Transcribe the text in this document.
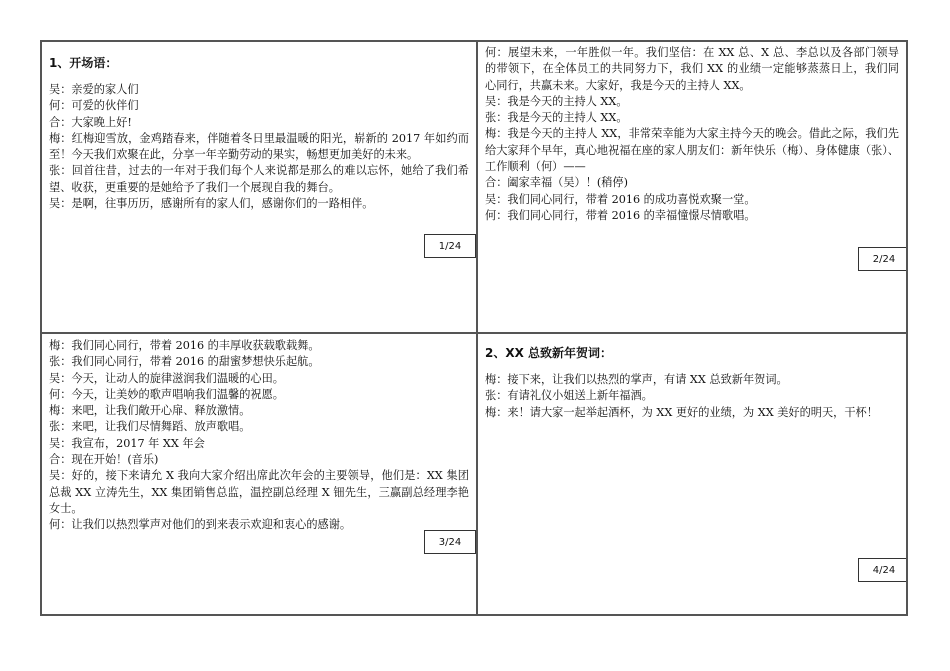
1、开场语：

吴：亲爱的家人们

何：可爱的伙伴们

合：大家晚上好!

梅：红梅迎雪放，金鸡踏春来，伴随着冬日里最温暖的阳光，崭新的 2017 年如约而至！今天我们欢聚在此，分享一年辛勤劳动的果实，畅想更加美好的未来。

张：回首往昔，过去的一年对于我们每个人来说都是那么的难以忘怀，她给了我们希望、收获，更重要的是她给予了我们一个展现自我的舞台。

吴：是啊，往事历历，感谢所有的家人们，感谢你们的一路相伴。

1/24

何：展望未来，一年胜似一年。我们坚信：在 XX 总、X 总、李总以及各部门领导的带领下，在全体员工的共同努力下，我们 XX 的业绩一定能够蒸蒸日上，我们同心同行，共赢未来。大家好，我是今天的主持人 XX。

吴：我是今天的主持人 XX。

张：我是今天的主持人 XX。

梅：我是今天的主持人 XX，非常荣幸能为大家主持今天的晚会。借此之际，我们先给大家拜个早年，真心地祝福在座的家人朋友们：新年快乐（梅）、身体健康（张）、工作顺利（何）——

合：阖家幸福（吴）！(稍停)

吴：我们同心同行，带着 2016 的成功喜悦欢聚一堂。

何：我们同心同行，带着 2016 的幸福憧憬尽情歌唱。

2/24

梅：我们同心同行，带着 2016 的丰厚收获载歌载舞。

张：我们同心同行，带着 2016 的甜蜜梦想快乐起航。

吴：今天，让动人的旋律滋润我们温暖的心田。

何：今天，让美妙的歌声唱响我们温馨的祝愿。

梅：来吧，让我们敞开心扉、释放激情。

张：来吧，让我们尽情舞蹈、放声歌唱。

吴：我宣布，2017 年 XX 年会

合：现在开始！(音乐)

吴：好的，接下来请允 X 我向大家介绍出席此次年会的主要领导，他们是：XX 集团总裁 XX 立涛先生，XX 集团销售总监，温控副总经理 X 钿先生，三赢副总经理李艳女士。

何：让我们以热烈掌声对他们的到来表示欢迎和衷心的感谢。

3/24
2、XX 总致新年贺词：

梅：接下来，让我们以热烈的掌声，有请 XX 总致新年贺词。

张：有请礼仪小姐送上新年福酒。

梅：来！请大家一起举起酒杯，为 XX 更好的业绩，为 XX 美好的明天，干杯！

4/24
